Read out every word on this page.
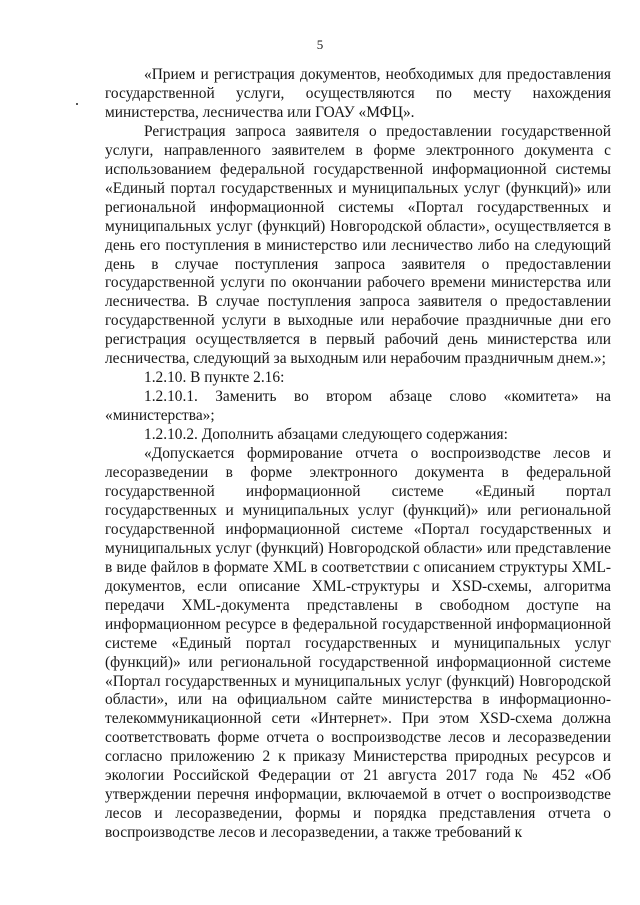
5

«Прием и регистрация документов, необходимых для предоставления государственной услуги, осуществляются по месту нахождения министерства, лесничества или ГОАУ «МФЦ».

Регистрация запроса заявителя о предоставлении государственной услуги, направленного заявителем в форме электронного документа с использованием федеральной государственной информационной системы «Единый портал государственных и муниципальных услуг (функций)» или региональной информационной системы «Портал государственных и муниципальных услуг (функций) Новгородской области», осуществляется в день его поступления в министерство или лесничество либо на следующий день в случае поступления запроса заявителя о предоставлении государственной услуги по окончании рабочего времени министерства или лесничества. В случае поступления запроса заявителя о предоставлении государственной услуги в выходные или нерабочие праздничные дни его регистрация осуществляется в первый рабочий день министерства или лесничества, следующий за выходным или нерабочим праздничным днем.»;

1.2.10. В пункте 2.16:

1.2.10.1. Заменить во втором абзаце слово «комитета» на «министерства»;

1.2.10.2. Дополнить абзацами следующего содержания:

«Допускается формирование отчета о воспроизводстве лесов и лесоразведении в форме электронного документа в федеральной государственной информационной системе «Единый портал государственных и муниципальных услуг (функций)» или региональной государственной информационной системе «Портал государственных и муниципальных услуг (функций) Новгородской области» или представление в виде файлов в формате XML в соответствии с описанием структуры XML-документов, если описание XML-структуры и XSD-схемы, алгоритма передачи XML-документа представлены в свободном доступе на информационном ресурсе в федеральной государственной информационной системе «Единый портал государственных и муниципальных услуг (функций)» или региональной государственной информационной системе «Портал государственных и муниципальных услуг (функций) Новгородской области», или на официальном сайте министерства в информационно-телекоммуникационной сети «Интернет». При этом XSD-схема должна соответствовать форме отчета о воспроизводстве лесов и лесоразведении согласно приложению 2 к приказу Министерства природных ресурсов и экологии Российской Федерации от 21 августа 2017 года № 452 «Об утверждении перечня информации, включаемой в отчет о воспроизводстве лесов и лесоразведении, формы и порядка представления отчета о воспроизводстве лесов и лесоразведении, а также требований к
